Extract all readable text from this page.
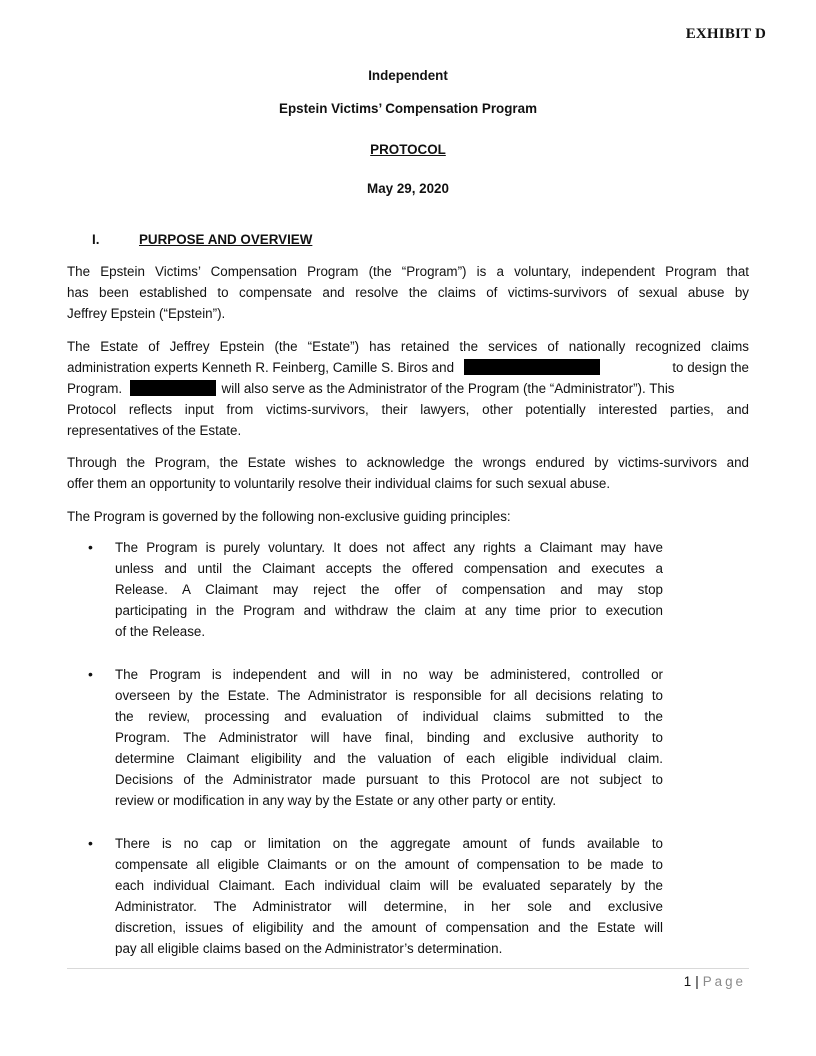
EXHIBIT D
Independent
Epstein Victims’ Compensation Program
PROTOCOL
May 29, 2020
I.	PURPOSE AND OVERVIEW
The Epstein Victims’ Compensation Program (the “Program”) is a voluntary, independent Program that
has been established to compensate and resolve the claims of victims-survivors of sexual abuse by
Jeffrey Epstein (“Epstein”).
The Estate of Jeffrey Epstein (the “Estate”) has retained the services of nationally recognized claims
administration experts Kenneth R. Feinberg, Camille S. Biros and	to design the
Program.	will also serve as the Administrator of the Program (the “Administrator”). This
Protocol reflects input from victims-survivors, their lawyers, other potentially interested parties, and
representatives of the Estate.
Through the Program, the Estate wishes to acknowledge the wrongs endured by victims-survivors and
offer them an opportunity to voluntarily resolve their individual claims for such sexual abuse.
The Program is governed by the following non-exclusive guiding principles:
• The Program is purely voluntary. It does not affect any rights a Claimant may have
unless and until the Claimant accepts the offered compensation and executes a
Release. A Claimant may reject the offer of compensation and may stop
participating in the Program and withdraw the claim at any time prior to execution
of the Release.
• The Program is independent and will in no way be administered, controlled or
overseen by the Estate. The Administrator is responsible for all decisions relating to
the review, processing and evaluation of individual claims submitted to the
Program. The Administrator will have final, binding and exclusive authority to
determine Claimant eligibility and the valuation of each eligible individual claim.
Decisions of the Administrator made pursuant to this Protocol are not subject to
review or modification in any way by the Estate or any other party or entity.
• There is no cap or limitation on the aggregate amount of funds available to
compensate all eligible Claimants or on the amount of compensation to be made to
each individual Claimant. Each individual claim will be evaluated separately by the
Administrator. The Administrator will determine, in her sole and exclusive
discretion, issues of eligibility and the amount of compensation and the Estate will
pay all eligible claims based on the Administrator’s determination.
1 | Page
